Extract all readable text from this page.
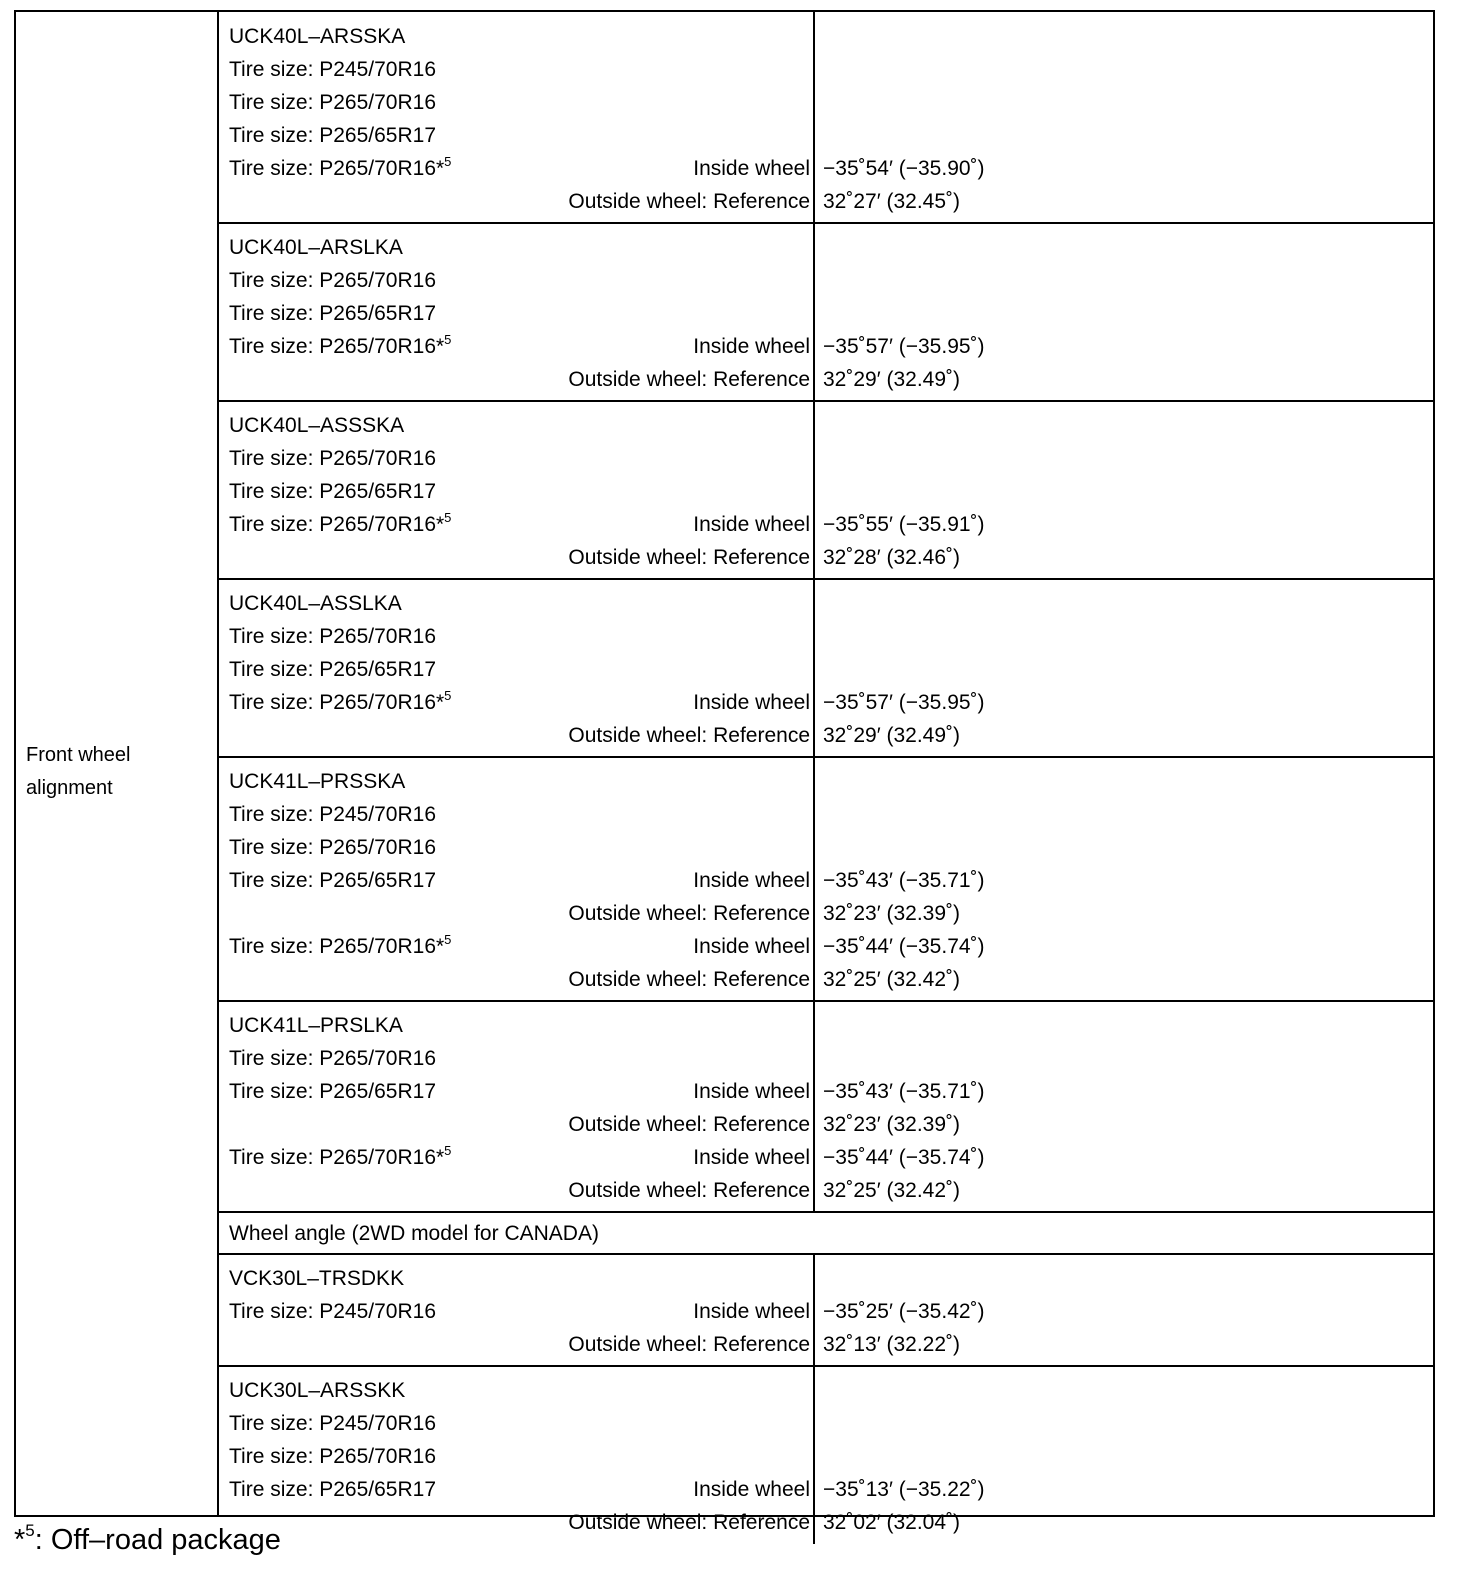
Front wheel
alignment
UCK40L–ARSSKA
Tire size: P245/70R16
Tire size: P265/70R16
Tire size: P265/65R17
Tire size: P265/70R16*$^5$	Inside wheel −35˚54′ (−35.90˚)
Outside wheel: Reference 32˚27′ (32.45˚)
UCK40L–ARSLKA
Tire size: P265/70R16
Tire size: P265/65R17
Tire size: P265/70R16*$^5$	Inside wheel −35˚57′ (−35.95˚)
Outside wheel: Reference 32˚29′ (32.49˚)
UCK40L–ASSSKA
Tire size: P265/70R16
Tire size: P265/65R17
Tire size: P265/70R16*$^5$	Inside wheel −35˚55′ (−35.91˚)
Outside wheel: Reference 32˚28′ (32.46˚)
UCK40L–ASSLKA
Tire size: P265/70R16
Tire size: P265/65R17
Tire size: P265/70R16*$^5$	Inside wheel −35˚57′ (−35.95˚)
Outside wheel: Reference 32˚29′ (32.49˚)
UCK41L–PRSSKA
Tire size: P245/70R16
Tire size: P265/70R16
Tire size: P265/65R17	Inside wheel −35˚43′ (−35.71˚)
Outside wheel: Reference 32˚23′ (32.39˚)
Tire size: P265/70R16*$^5$	Inside wheel −35˚44′ (−35.74˚)
Outside wheel: Reference 32˚25′ (32.42˚)
UCK41L–PRSLKA
Tire size: P265/70R16
Tire size: P265/65R17	Inside wheel −35˚43′ (−35.71˚)
Outside wheel: Reference 32˚23′ (32.39˚)
Tire size: P265/70R16*$^5$	Inside wheel −35˚44′ (−35.74˚)
Outside wheel: Reference 32˚25′ (32.42˚)
Wheel angle (2WD model for CANADA)
VCK30L–TRSDKK
Tire size: P245/70R16	Inside wheel −35˚25′ (−35.42˚)
Outside wheel: Reference 32˚13′ (32.22˚)
UCK30L–ARSSKK
Tire size: P245/70R16
Tire size: P265/70R16
Tire size: P265/65R17	Inside wheel −35˚13′ (−35.22˚)
Outside wheel: Reference 32˚02′ (32.04˚)
*$^5$: Off–road package
